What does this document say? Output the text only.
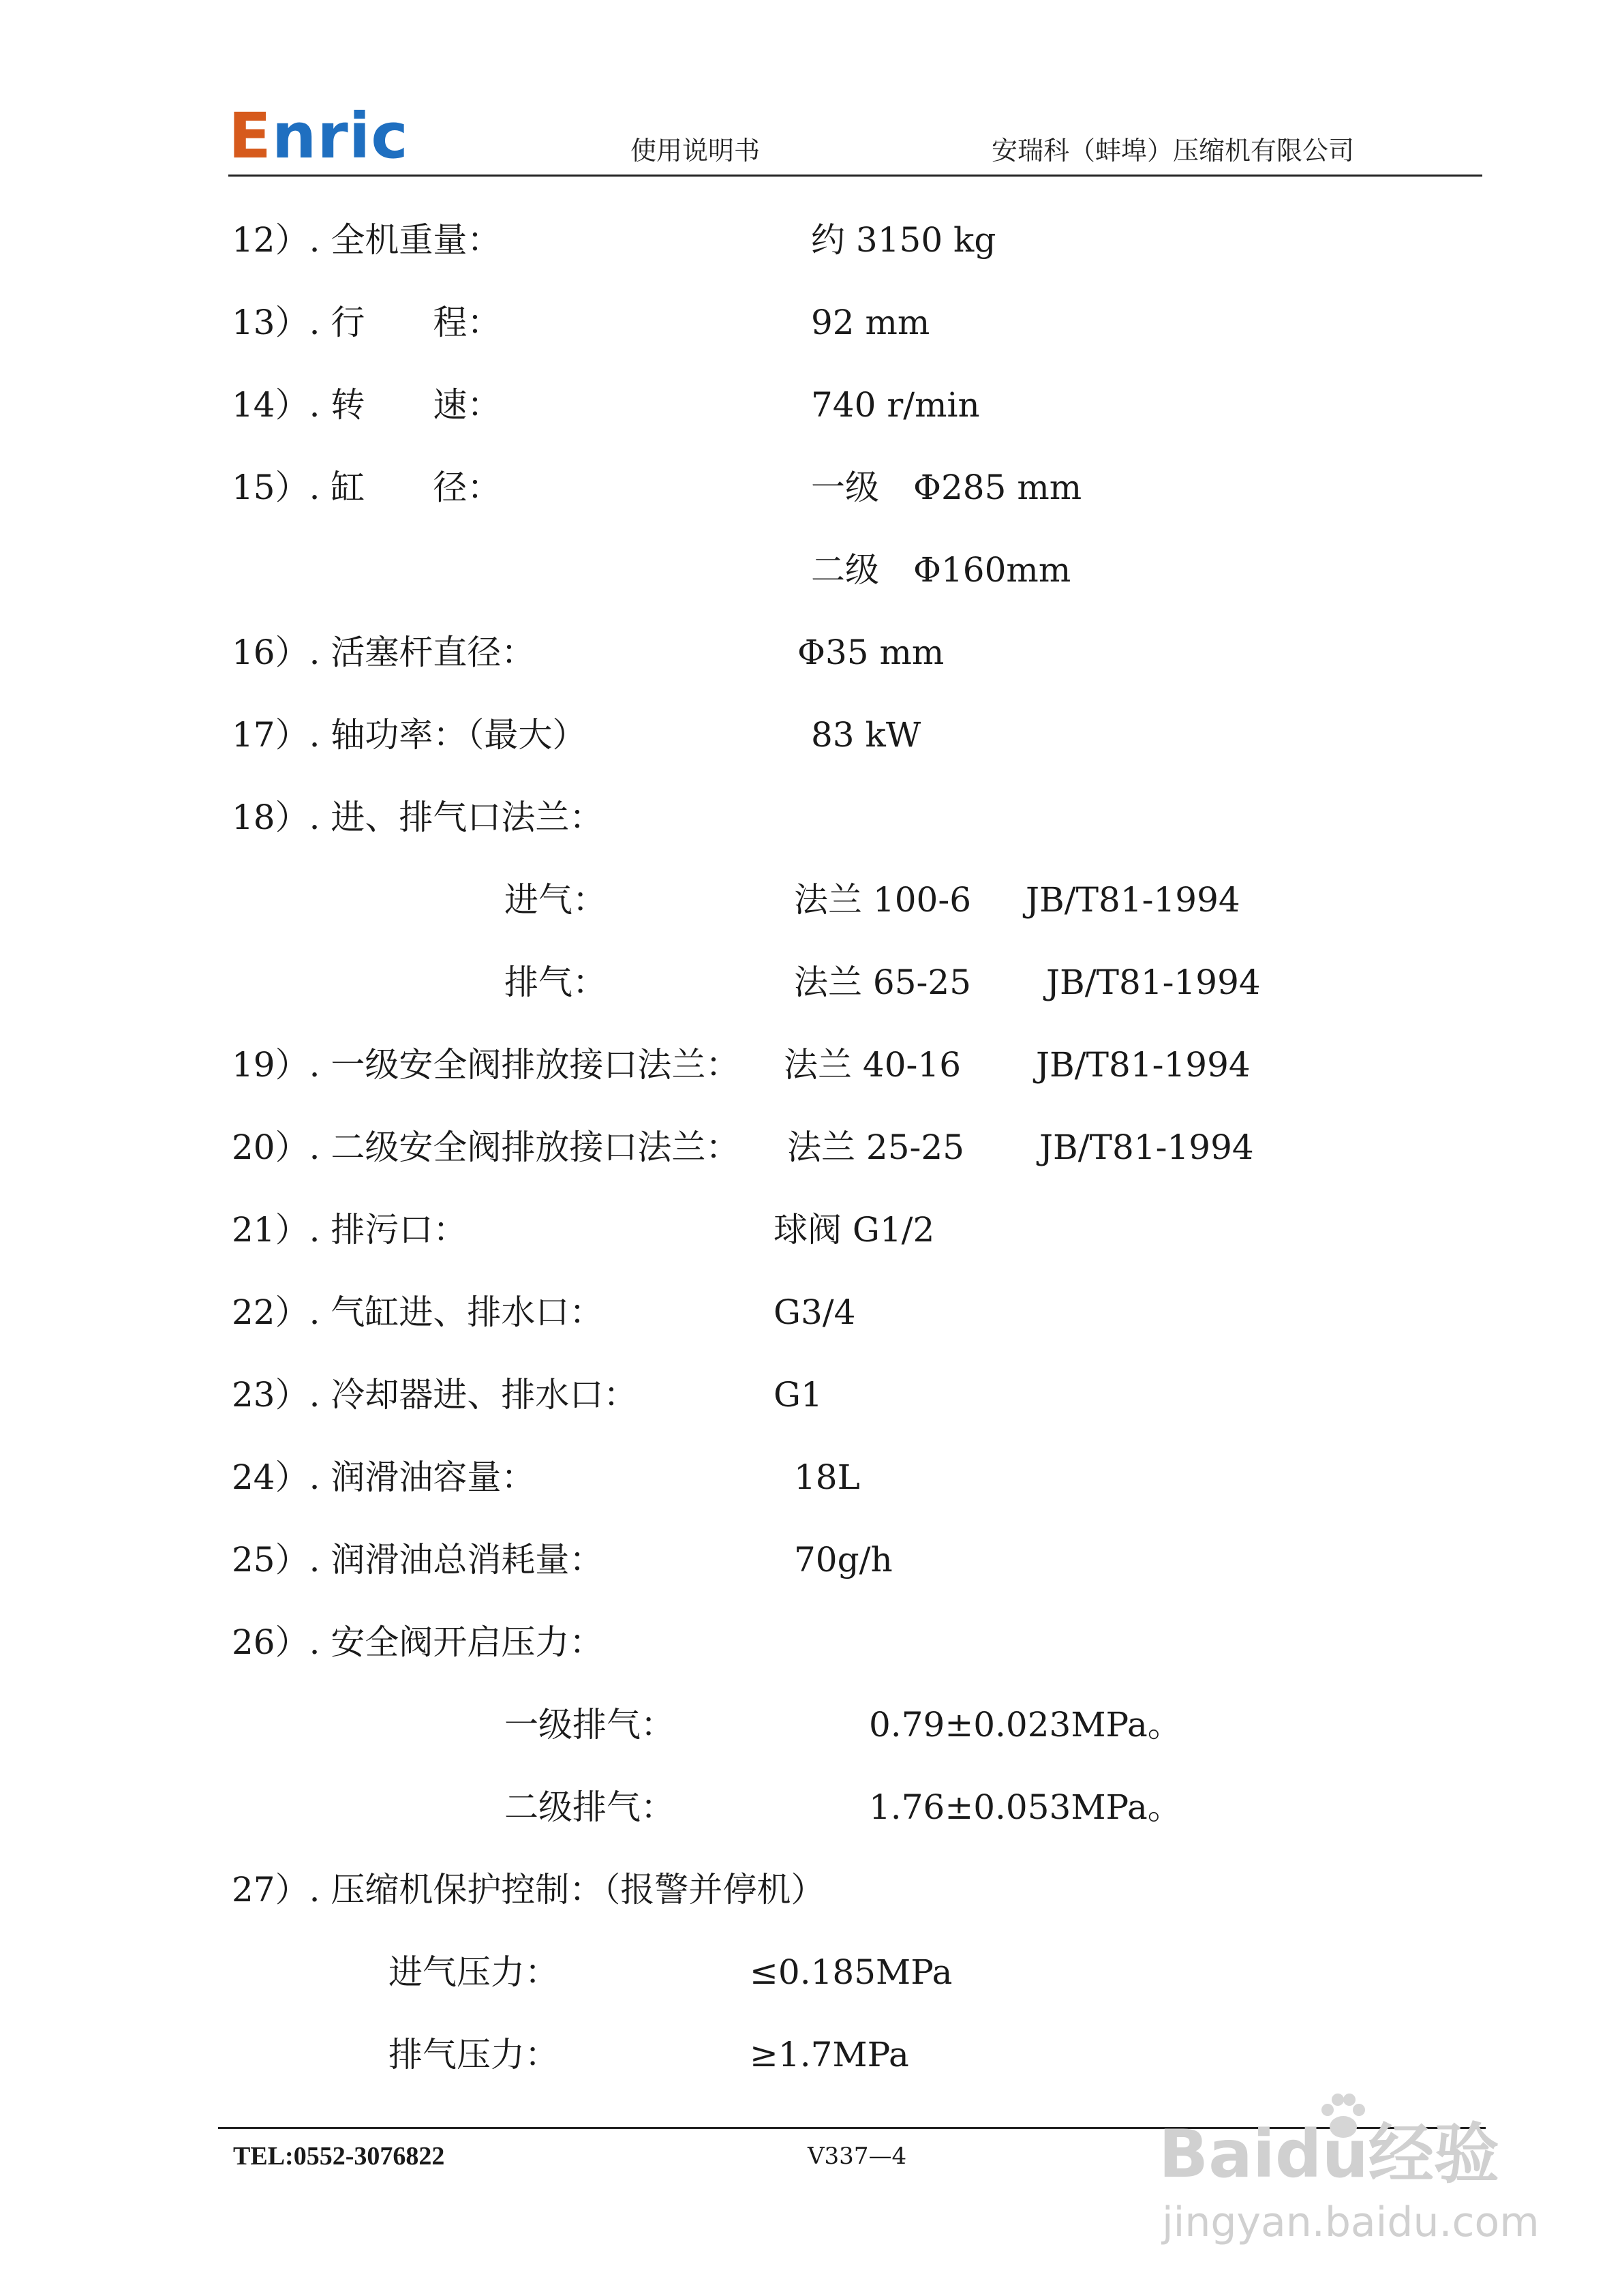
Enric	使用说明书	安瑞科（蚌埠）压缩机有限公司
12）. 全机重量：	约 3150 kg
13）. 行　　程：	92 mm
14）. 转　　速：	740 r/min
15）. 缸　　径：	一级　Φ285 mm
二级　Φ160mm
16）. 活塞杆直径：	Φ35 mm
17）. 轴功率：（最大）	83 kW
18）. 进、排气口法兰：
进气：	法兰 100-6 JB/T81-1994
排气：	法兰 65-25 JB/T81-1994
19）. 一级安全阀排放接口法兰： 法兰 40-16 JB/T81-1994
20）. 二级安全阀排放接口法兰： 法兰 25-25 JB/T81-1994
21）. 排污口：	球阀 G1/2
22）. 气缸进、排水口：	G3/4
23）. 冷却器进、排水口：	G1
24）. 润滑油容量：	18L
25）. 润滑油总消耗量：	70g/h
26）. 安全阀开启压力：
一级排气：	0.79±0.023MPa。
二级排气：	1.76±0.053MPa。
27）. 压缩机保护控制：（报警并停机）
进气压力：	≤0.185MPa
排气压力：	≥1.7MPa
TEL:0552-3076822	V337—4	Baidu经验
jingyan.baidu.com
